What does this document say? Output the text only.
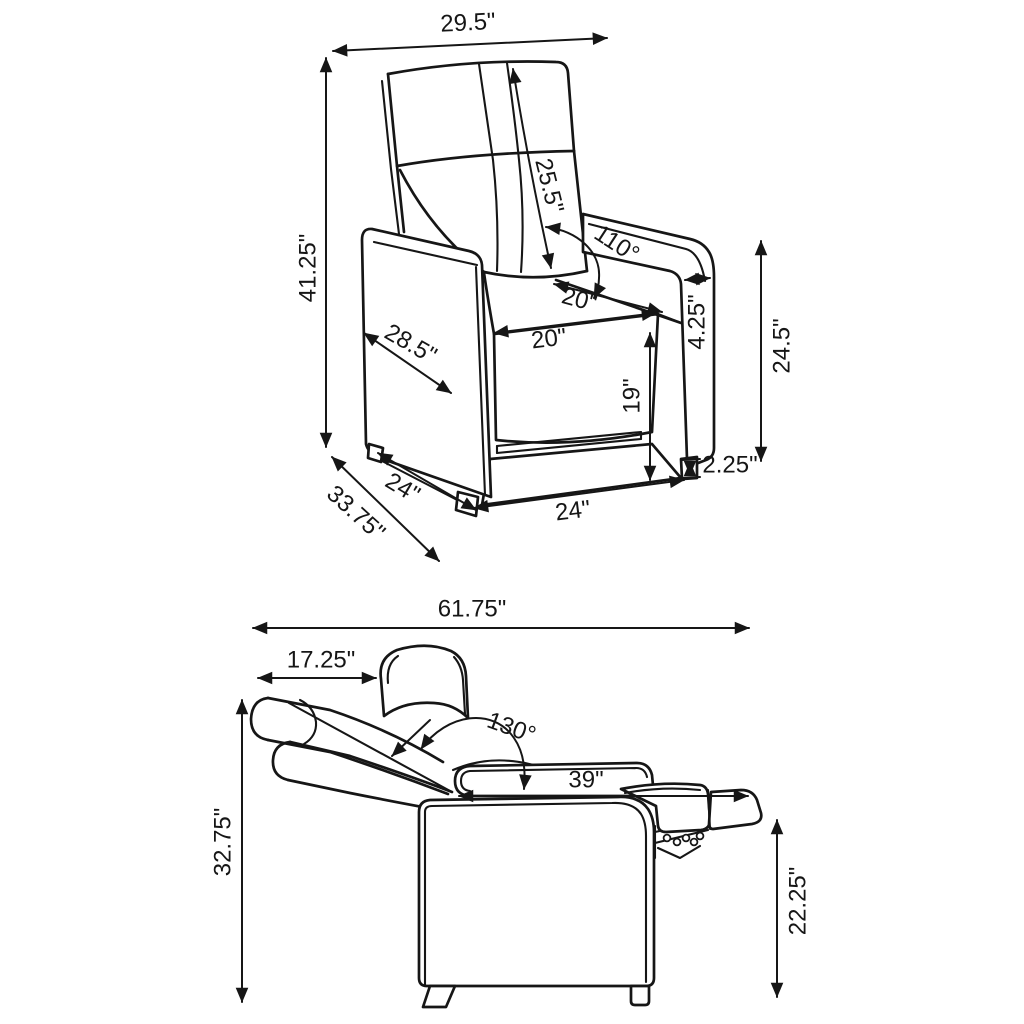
29.5"
41.25"
25.5"
110°
20"
20"
28.5"	4.25" 24.5"
19"
2.25"
24"
33.75"	24"
61.75"
17.25"
130°
39"
32.75"
22.25"
